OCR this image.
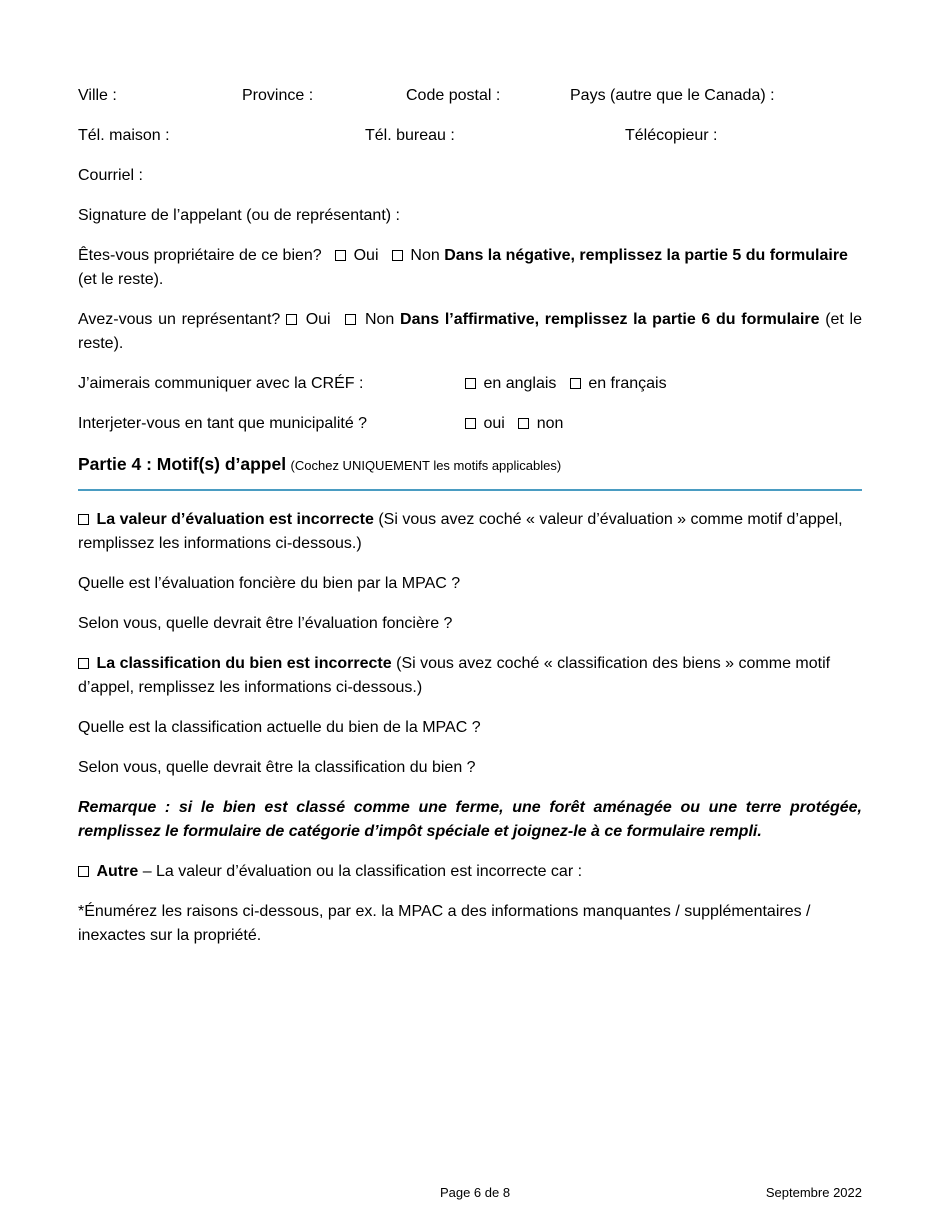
Ville :	Province :	Code postal :	Pays (autre que le Canada) :
Tél. maison :	Tél. bureau :	Télécopieur :

Courriel :

Signature de l’appelant (ou de représentant) :

Êtes-vous propriétaire de ce bien? Oui Non Dans la négative, remplissez la partie 5 du formulaire (et le reste).

Avez-vous un représentant? Oui Non Dans l’affirmative, remplissez la partie 6 du formulaire (et le reste).

J’aimerais communiquer avec la CRÉF :	en anglais en français
Interjeter-vous en tant que municipalité ?	oui non
Partie 4 : Motif(s) d’appel (Cochez UNIQUEMENT les motifs applicables)

La valeur d’évaluation est incorrecte (Si vous avez coché « valeur d’évaluation » comme motif d’appel, remplissez les informations ci-dessous.)

Quelle est l’évaluation foncière du bien par la MPAC ?

Selon vous, quelle devrait être l’évaluation foncière ?

La classification du bien est incorrecte (Si vous avez coché « classification des biens » comme motif d’appel, remplissez les informations ci-dessous.)

Quelle est la classification actuelle du bien de la MPAC ?

Selon vous, quelle devrait être la classification du bien ?

Remarque : si le bien est classé comme une ferme, une forêt aménagée ou une terre protégée, remplissez le formulaire de catégorie d’impôt spéciale et joignez-le à ce formulaire rempli.

Autre – La valeur d’évaluation ou la classification est incorrecte car :

*Énumérez les raisons ci-dessous, par ex. la MPAC a des informations manquantes / supplémentaires / inexactes sur la propriété.

Page 6 de 8	Septembre 2022
